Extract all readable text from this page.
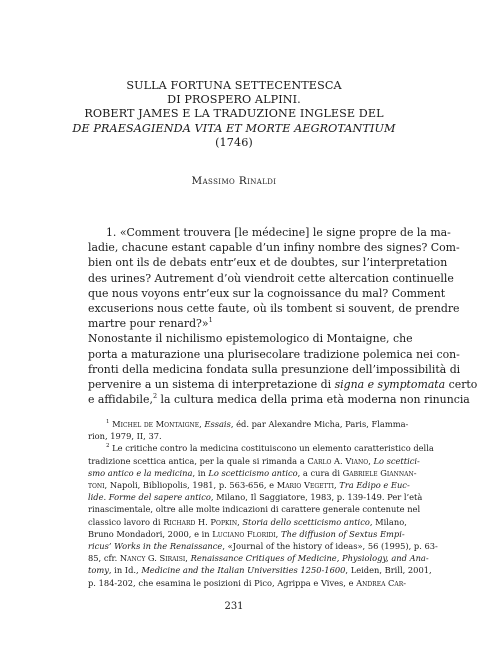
SULLA FORTUNA SETTECENTESCA
DI PROSPERO ALPINI.
ROBERT JAMES E LA TRADUZIONE INGLESE DEL
DE PRAESAGIENDA VITA ET MORTE AEGROTANTIUM
(1746)
Massimo Rinaldi
1. «Comment trouvera [le médecine] le signe propre de la ma-
ladie, chacune estant capable d’un infiny nombre des signes? Com-
bien ont ils de debats entr’eux et de doubtes, sur l’interpretation
des urines? Autrement d’où viendroit cette altercation continuelle
que nous voyons entr’eux sur la cognoissance du mal? Comment
excuserions nous cette faute, où ils tombent si souvent, de prendre
martre pour renard?»$^1$
Nonostante il nichilismo epistemologico di Montaigne, che
porta a maturazione una plurisecolare tradizione polemica nei con-
fronti della medicina fondata sulla presunzione dell’impossibilità di
pervenire a un sistema di interpretazione di signa e symptomata certo
e affidabile,$^2$ la cultura medica della prima età moderna non rinuncia
$^1$ Michel de Montaigne, Essais, éd. par Alexandre Micha, Paris, Flamma-
rion, 1979, II, 37.
$^2$ Le critiche contro la medicina costituiscono un elemento caratteristico della
tradizione scettica antica, per la quale si rimanda a Carlo A. Viano, Lo scettici-
smo antico e la medicina, in Lo scetticismo antico, a cura di Gabriele Giannan-
toni, Napoli, Bibliopolis, 1981, p. 563-656, e Mario Vegetti, Tra Edipo e Euc-
lide. Forme del sapere antico, Milano, Il Saggiatore, 1983, p. 139-149. Per l’età
rinascimentale, oltre alle molte indicazioni di carattere generale contenute nel
classico lavoro di Richard H. Popkin, Storia dello scetticismo antico, Milano,
Bruno Mondadori, 2000, e in Luciano Floridi, The diffusion of Sextus Empi-
ricus’ Works in the Renaissance, «Journal of the history of ideas», 56 (1995), p. 63-
85, cfr. Nancy G. Siraisi, Renaissance Critiques of Medicine, Physiology, and Ana-
tomy, in Id., Medicine and the Italian Universities 1250-1600, Leiden, Brill, 2001,
p. 184-202, che esamina le posizioni di Pico, Agrippa e Vives, e Andrea Car-
231
